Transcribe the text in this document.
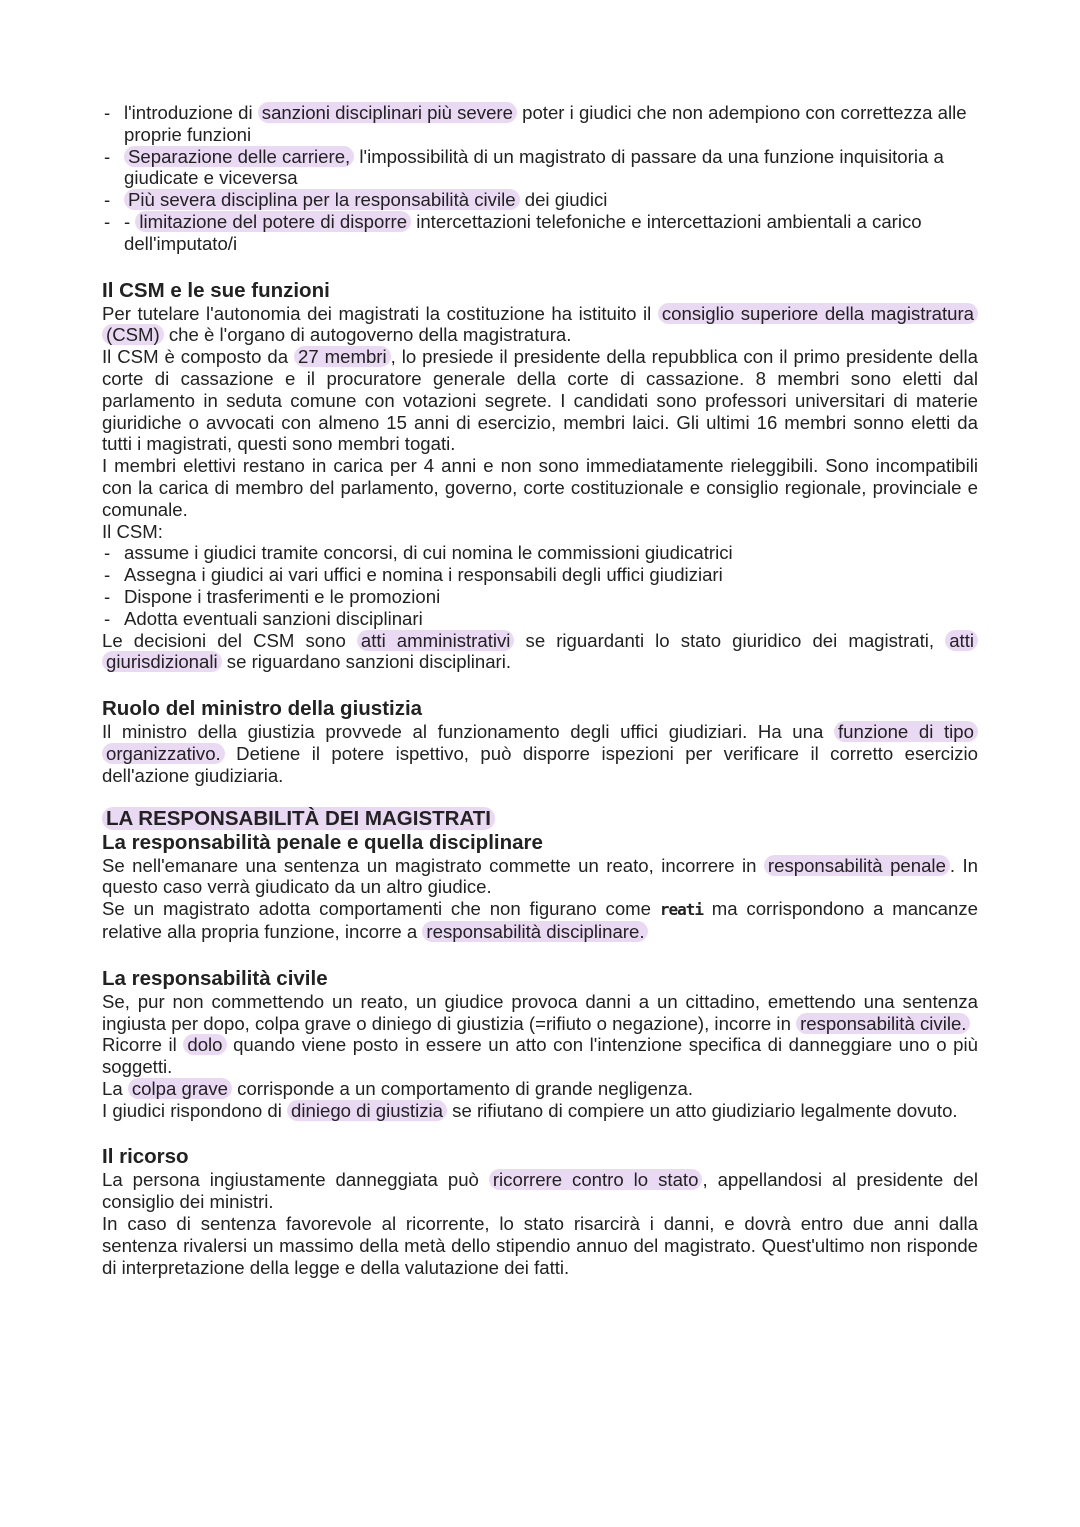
- l'introduzione di sanzioni disciplinari più severe poter i giudici che non adempiono con correttezza alle proprie funzioni
- Separazione delle carriere, l'impossibilità di un magistrato di passare da una funzione inquisitoria a giudicate e viceversa
- Più severa disciplina per la responsabilità civile dei giudici
- - limitazione del potere di disporre intercettazioni telefoniche e intercettazioni ambientali a carico dell'imputato/i
Il CSM e le sue funzioni

Per tutelare l'autonomia dei magistrati la costituzione ha istituito il consiglio superiore della magistratura (CSM) che è l'organo di autogoverno della magistratura.

Il CSM è composto da 27 membri , lo presiede il presidente della repubblica con il primo presidente della corte di cassazione e il procuratore generale della corte di cassazione. 8 membri sono eletti dal parlamento in seduta comune con votazioni segrete. I candidati sono professori universitari di materie giuridiche o avvocati con almeno 15 anni di esercizio, membri laici. Gli ultimi 16 membri sonno eletti da tutti i magistrati, questi sono membri togati.

I membri elettivi restano in carica per 4 anni e non sono immediatamente rieleggibili. Sono incompatibili con la carica di membro del parlamento, governo, corte costituzionale e consiglio regionale, provinciale e comunale.

Il CSM:

- assume i giudici tramite concorsi, di cui nomina le commissioni giudicatrici
- Assegna i giudici ai vari uffici e nomina i responsabili degli uffici giudiziari
- Dispone i trasferimenti e le promozioni
- Adotta eventuali sanzioni disciplinari

Le decisioni del CSM sono atti amministrativi se riguardanti lo stato giuridico dei magistrati, atti giurisdizionali se riguardano sanzioni disciplinari.

Ruolo del ministro della giustizia

Il ministro della giustizia provvede al funzionamento degli uffici giudiziari. Ha una funzione di tipo organizzativo. Detiene il potere ispettivo, può disporre ispezioni per verificare il corretto esercizio dell'azione giudiziaria.

LA RESPONSABILITÀ DEI MAGISTRATI
La responsabilità penale e quella disciplinare

Se nell'emanare una sentenza un magistrato commette un reato, incorrere in responsabilità penale . In questo caso verrà giudicato da un altro giudice.

Se un magistrato adotta comportamenti che non figurano come reati ma corrispondono a mancanze relative alla propria funzione, incorre a responsabilità disciplinare.

La responsabilità civile

Se, pur non commettendo un reato, un giudice provoca danni a un cittadino, emettendo una sentenza ingiusta per dopo, colpa grave o diniego di giustizia (=rifiuto o negazione), incorre in responsabilità civile.

Ricorre il dolo quando viene posto in essere un atto con l'intenzione specifica di danneggiare uno o più soggetti.

La colpa grave corrisponde a un comportamento di grande negligenza.

I giudici rispondono di diniego di giustizia se rifiutano di compiere un atto giudiziario legalmente dovuto.

Il ricorso

La persona ingiustamente danneggiata può ricorrere contro lo stato , appellandosi al presidente del consiglio dei ministri.

In caso di sentenza favorevole al ricorrente, lo stato risarcirà i danni, e dovrà entro due anni dalla sentenza rivalersi un massimo della metà dello stipendio annuo del magistrato. Quest'ultimo non risponde di interpretazione della legge e della valutazione dei fatti.
